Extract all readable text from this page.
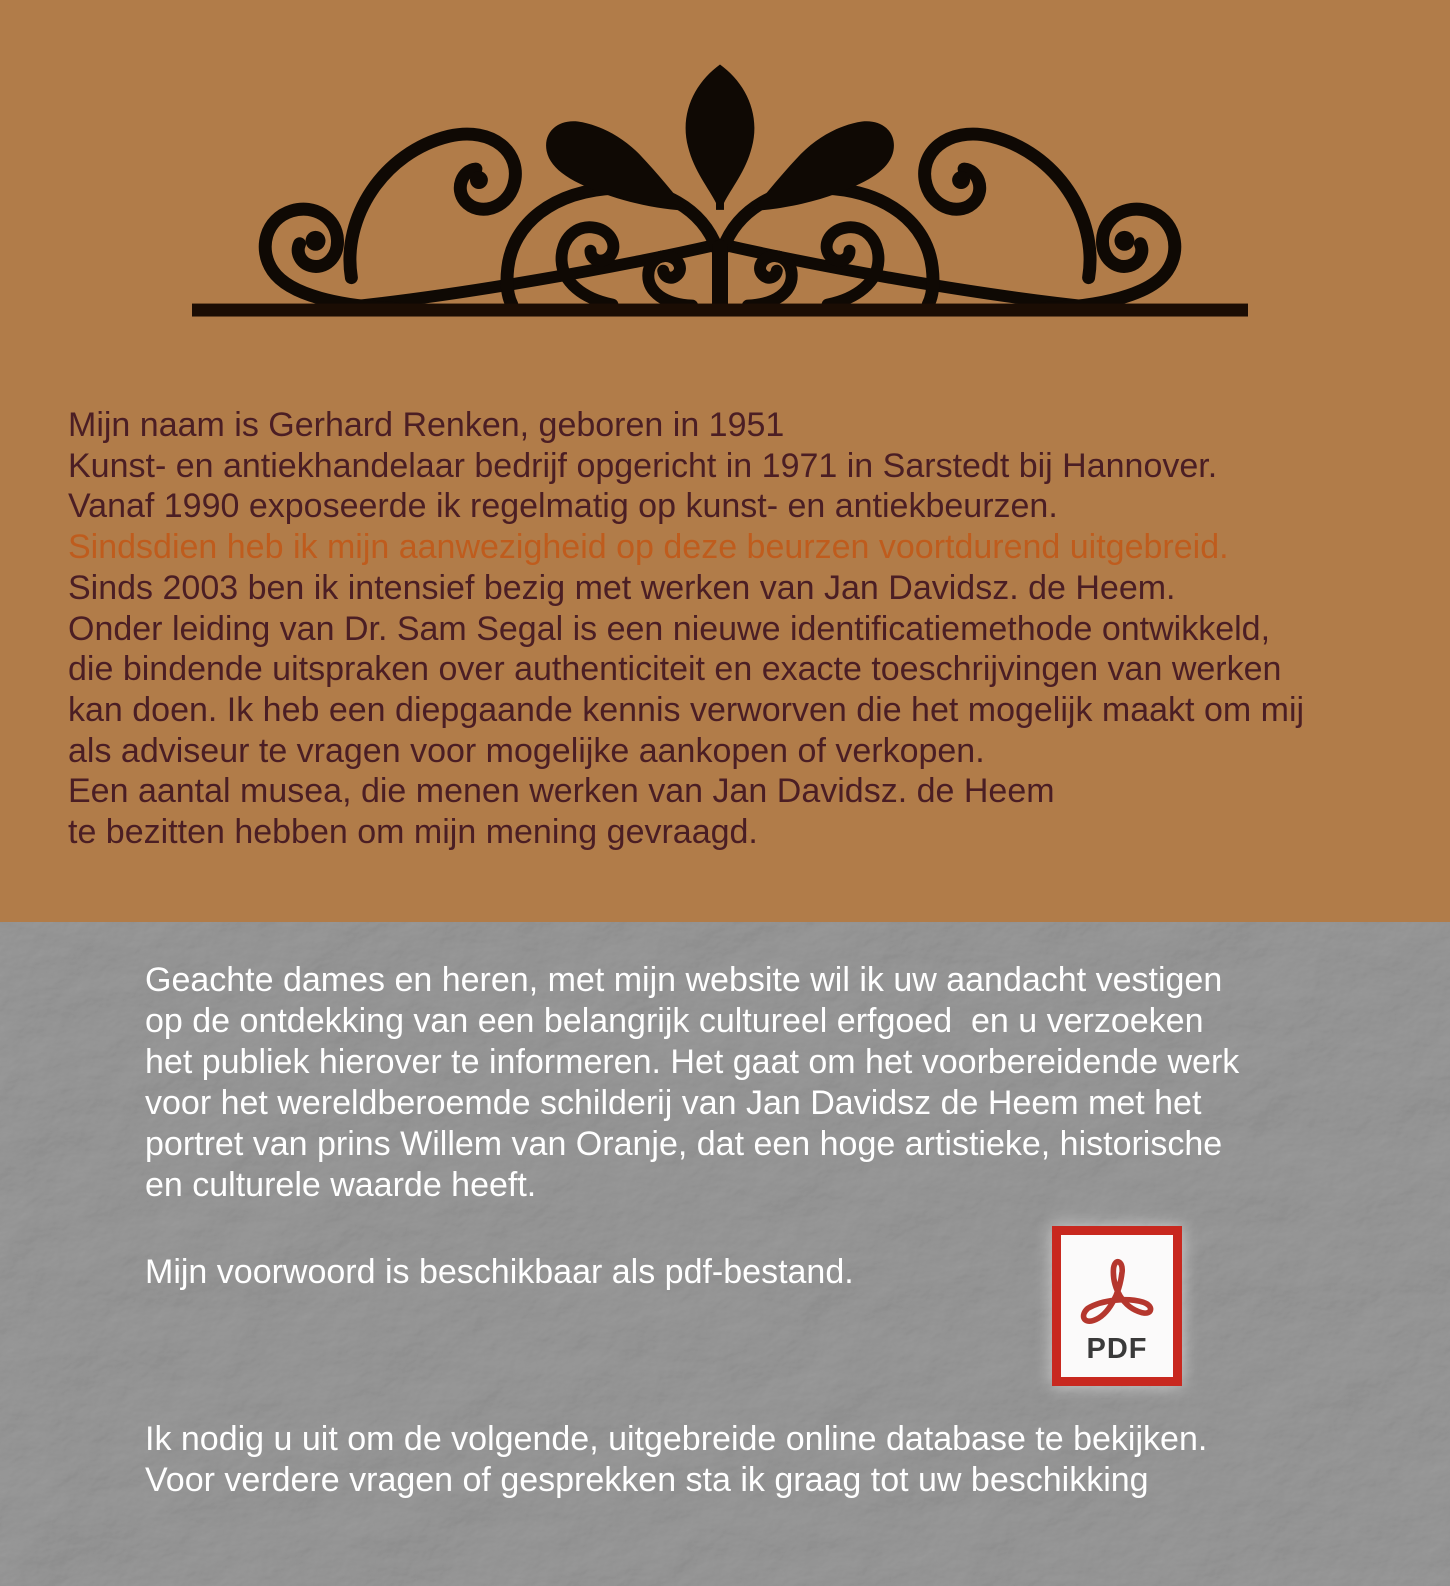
Mijn naam is Gerhard Renken, geboren in 1951
Kunst- en antiekhandelaar bedrijf opgericht in 1971 in Sarstedt bij Hannover.
Vanaf 1990 exposeerde ik regelmatig op kunst- en antiekbeurzen.
Sindsdien heb ik mijn aanwezigheid op deze beurzen voortdurend uitgebreid.
Sinds 2003 ben ik intensief bezig met werken van Jan Davidsz. de Heem.
Onder leiding van Dr. Sam Segal is een nieuwe identificatiemethode ontwikkeld,
die bindende uitspraken over authenticiteit en exacte toeschrijvingen van werken
kan doen. Ik heb een diepgaande kennis verworven die het mogelijk maakt om mij
als adviseur te vragen voor mogelijke aankopen of verkopen.
Een aantal musea, die menen werken van Jan Davidsz. de Heem
te bezitten hebben om mijn mening gevraagd.
Geachte dames en heren, met mijn website wil ik uw aandacht vestigen
op de ontdekking van een belangrijk cultureel erfgoed  en u verzoeken
het publiek hierover te informeren. Het gaat om het voorbereidende werk
voor het wereldberoemde schilderij van Jan Davidsz de Heem met het
portret van prins Willem van Oranje, dat een hoge artistieke, historische
en culturele waarde heeft.
Mijn voorwoord is beschikbaar als pdf-bestand.
PDF
Ik nodig u uit om de volgende, uitgebreide online database te bekijken.
Voor verdere vragen of gesprekken sta ik graag tot uw beschikking
